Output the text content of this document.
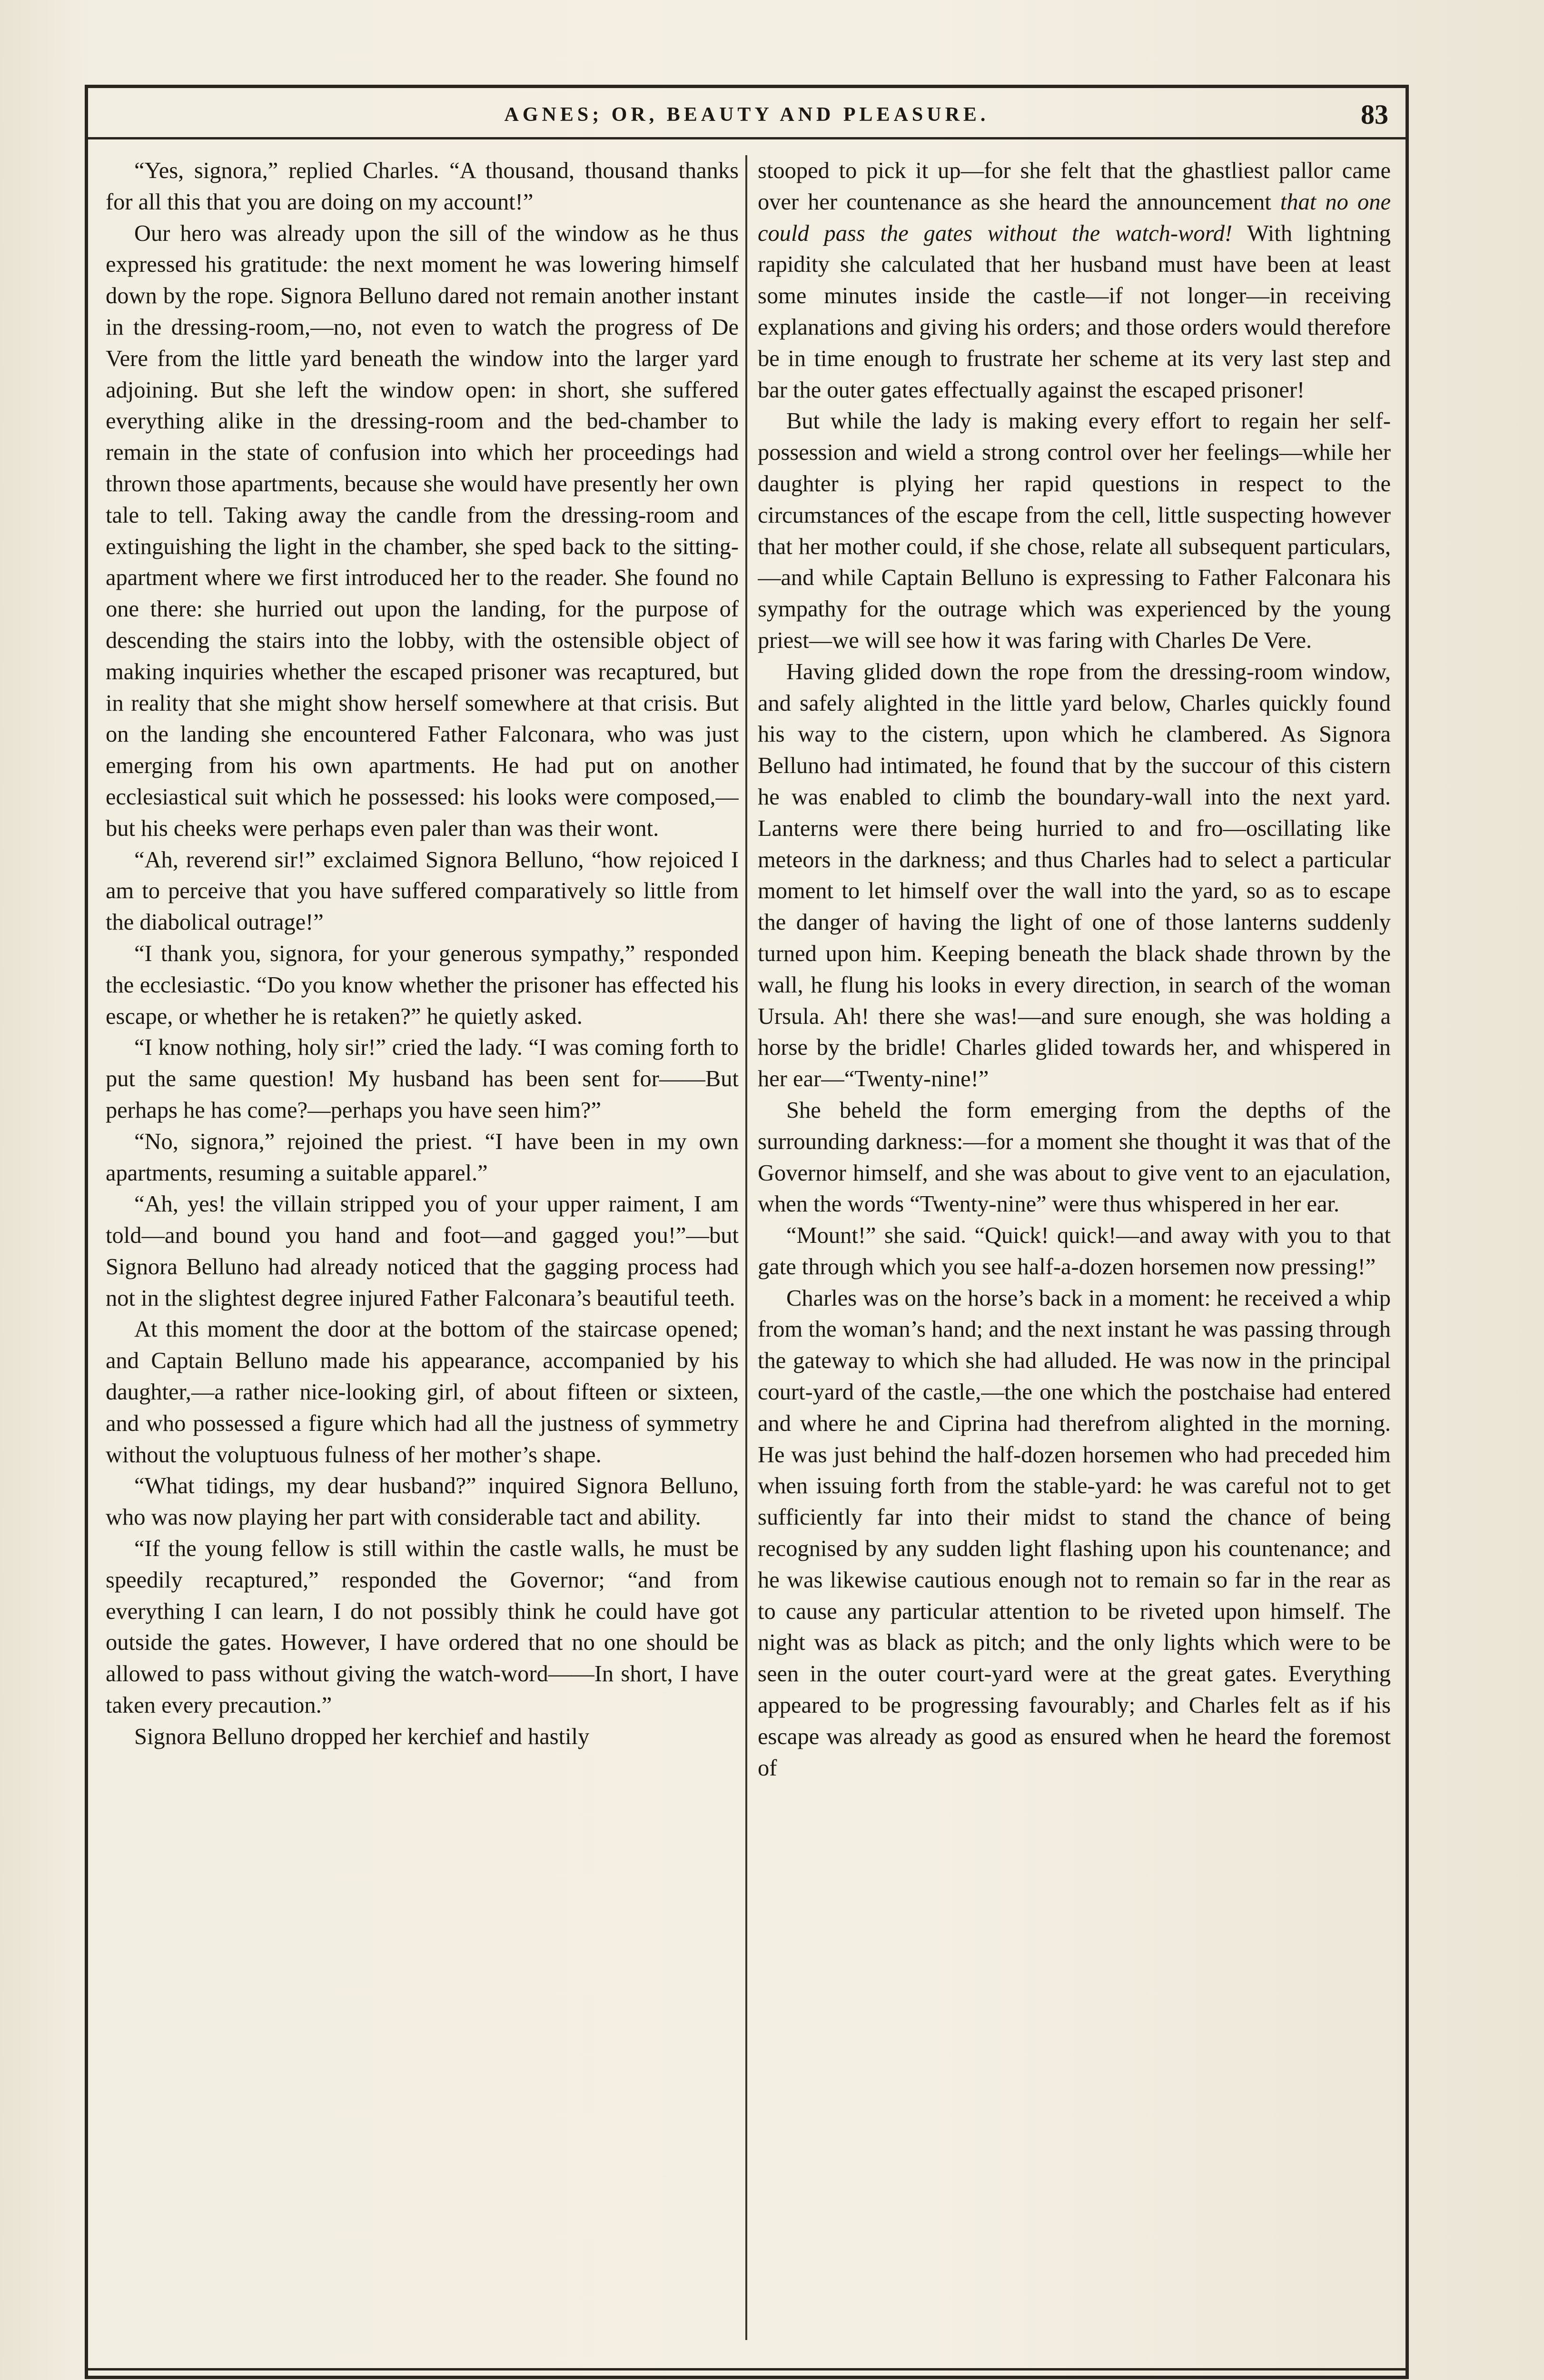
AGNES; OR, BEAUTY AND PLEASURE.	83

“Yes, signora,” replied Charles. “A thousand, thousand thanks for all this that you are doing on my account!”

Our hero was already upon the sill of the window as he thus expressed his gratitude: the next moment he was lowering himself down by the rope. Signora Belluno dared not remain another instant in the dressing-room,—no, not even to watch the progress of De Vere from the little yard beneath the window into the larger yard adjoining. But she left the window open: in short, she suffered everything alike in the dressing-room and the bed-chamber to remain in the state of confusion into which her proceedings had thrown those apartments, because she would have presently her own tale to tell. Taking away the candle from the dressing-room and extinguishing the light in the chamber, she sped back to the sitting-apartment where we first introduced her to the reader. She found no one there: she hurried out upon the landing, for the purpose of descending the stairs into the lobby, with the ostensible object of making inquiries whether the escaped prisoner was recaptured, but in reality that she might show herself somewhere at that crisis. But on the landing she encountered Father Falconara, who was just emerging from his own apartments. He had put on another ecclesiastical suit which he possessed: his looks were composed,—but his cheeks were perhaps even paler than was their wont.

“Ah, reverend sir!” exclaimed Signora Belluno, “how rejoiced I am to perceive that you have suffered comparatively so little from the diabolical outrage!”

“I thank you, signora, for your generous sympathy,” responded the ecclesiastic. “Do you know whether the prisoner has effected his escape, or whether he is retaken?” he quietly asked.

“I know nothing, holy sir!” cried the lady. “I was coming forth to put the same question! My husband has been sent for——But perhaps he has come?—perhaps you have seen him?”

“No, signora,” rejoined the priest. “I have been in my own apartments, resuming a suitable apparel.”

“Ah, yes! the villain stripped you of your upper raiment, I am told—and bound you hand and foot—and gagged you!”—but Signora Belluno had already noticed that the gagging process had not in the slightest degree injured Father Falconara’s beautiful teeth.

At this moment the door at the bottom of the staircase opened; and Captain Belluno made his appearance, accompanied by his daughter,—a rather nice-looking girl, of about fifteen or sixteen, and who possessed a figure which had all the justness of symmetry without the voluptuous fulness of her mother’s shape.

“What tidings, my dear husband?” inquired Signora Belluno, who was now playing her part with considerable tact and ability.

“If the young fellow is still within the castle walls, he must be speedily recaptured,” responded the Governor; “and from everything I can learn, I do not possibly think he could have got outside the gates. However, I have ordered that no one should be allowed to pass without giving the watch-word——In short, I have taken every precaution.”

Signora Belluno dropped her kerchief and hastily

stooped to pick it up—for she felt that the ghastliest pallor came over her countenance as she heard the announcement that no one could pass the gates without the watch-word! With lightning rapidity she calculated that her husband must have been at least some minutes inside the castle—if not longer—in receiving explanations and giving his orders; and those orders would therefore be in time enough to frustrate her scheme at its very last step and bar the outer gates effectually against the escaped prisoner!

But while the lady is making every effort to regain her self-possession and wield a strong control over her feelings—while her daughter is plying her rapid questions in respect to the circumstances of the escape from the cell, little suspecting however that her mother could, if she chose, relate all subsequent particulars,—and while Captain Belluno is expressing to Father Falconara his sympathy for the outrage which was experienced by the young priest—we will see how it was faring with Charles De Vere.

Having glided down the rope from the dressing-room window, and safely alighted in the little yard below, Charles quickly found his way to the cistern, upon which he clambered. As Signora Belluno had intimated, he found that by the succour of this cistern he was enabled to climb the boundary-wall into the next yard. Lanterns were there being hurried to and fro—oscillating like meteors in the darkness; and thus Charles had to select a particular moment to let himself over the wall into the yard, so as to escape the danger of having the light of one of those lanterns suddenly turned upon him. Keeping beneath the black shade thrown by the wall, he flung his looks in every direction, in search of the woman Ursula. Ah! there she was!—and sure enough, she was holding a horse by the bridle! Charles glided towards her, and whispered in her ear—“Twenty-nine!”

She beheld the form emerging from the depths of the surrounding darkness:—for a moment she thought it was that of the Governor himself, and she was about to give vent to an ejaculation, when the words “Twenty-nine” were thus whispered in her ear.

“Mount!” she said. “Quick! quick!—and away with you to that gate through which you see half-a-dozen horsemen now pressing!”

Charles was on the horse’s back in a moment: he received a whip from the woman’s hand; and the next instant he was passing through the gateway to which she had alluded. He was now in the principal court-yard of the castle,—the one which the postchaise had entered and where he and Ciprina had therefrom alighted in the morning. He was just behind the half-dozen horsemen who had preceded him when issuing forth from the stable-yard: he was careful not to get sufficiently far into their midst to stand the chance of being recognised by any sudden light flashing upon his countenance; and he was likewise cautious enough not to remain so far in the rear as to cause any particular attention to be riveted upon himself. The night was as black as pitch; and the only lights which were to be seen in the outer court-yard were at the great gates. Everything appeared to be progressing favourably; and Charles felt as if his escape was already as good as ensured when he heard the foremost of
